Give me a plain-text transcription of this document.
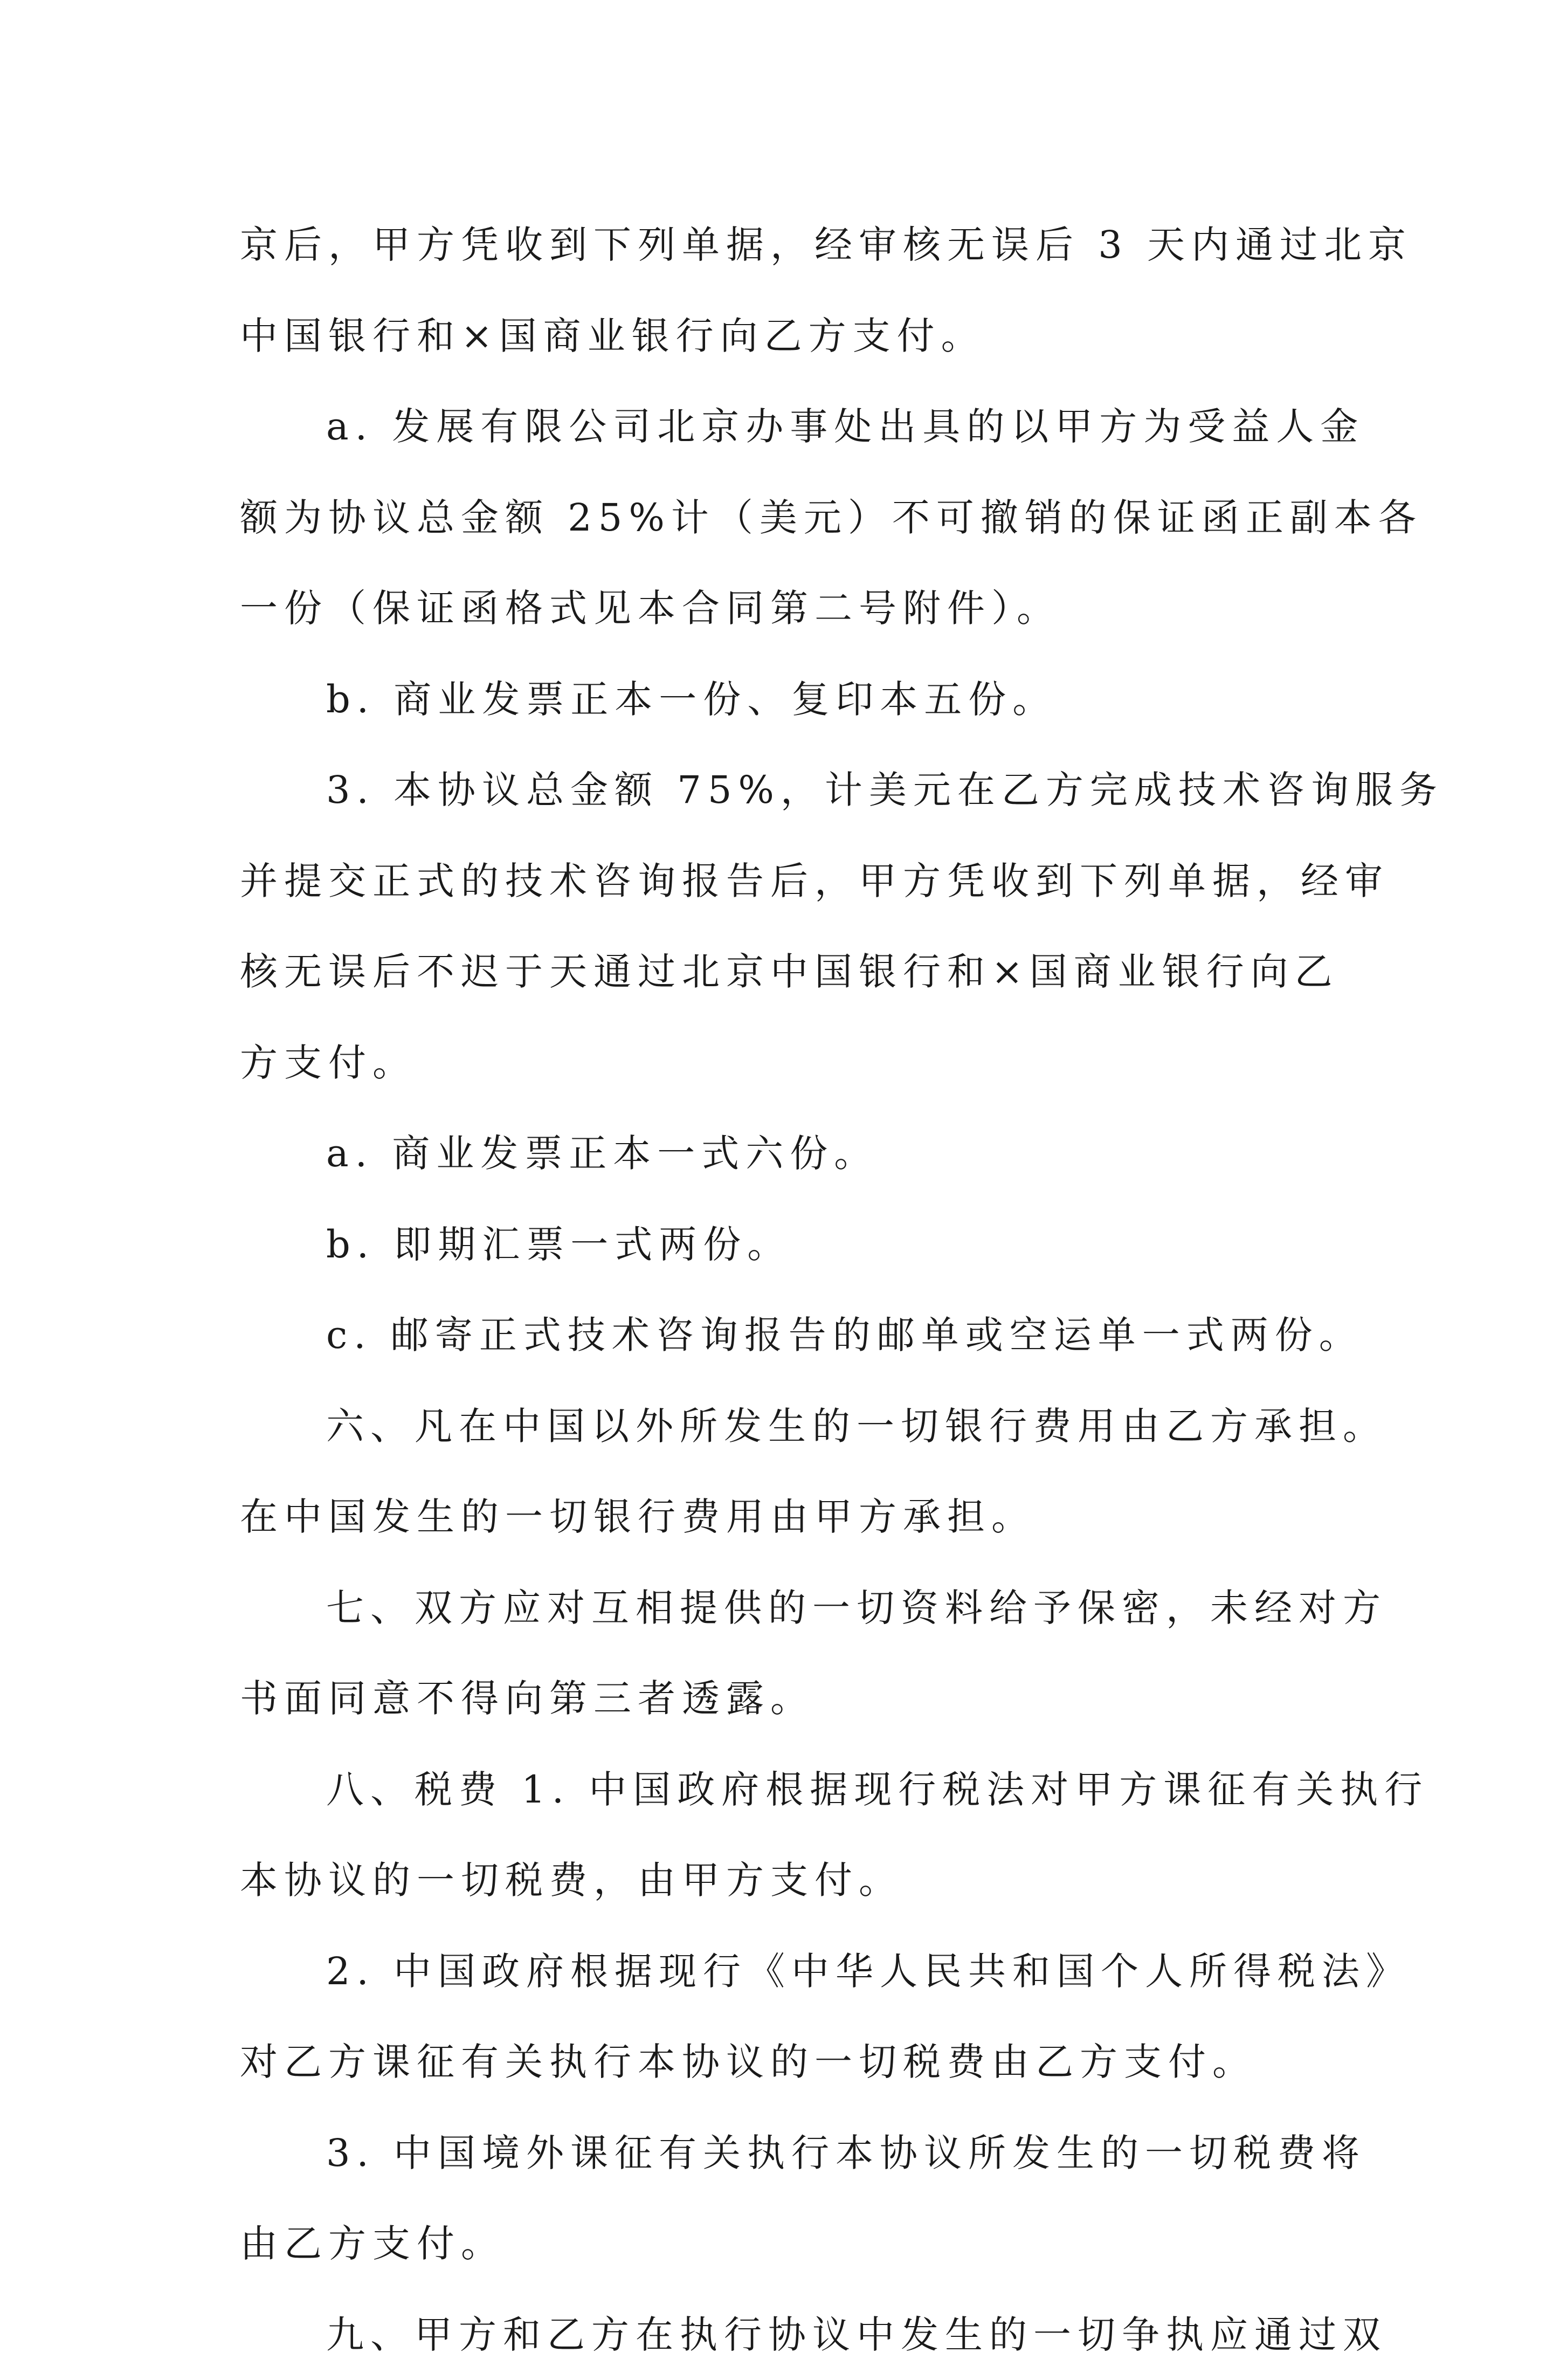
京后，甲方凭收到下列单据，经审核无误后 3 天内通过北京
中国银行和×国商业银行向乙方支付。
a. 发展有限公司北京办事处出具的以甲方为受益人金
额为协议总金额 25%计（美元）不可撤销的保证函正副本各
一份（保证函格式见本合同第二号附件）。
b. 商业发票正本一份、复印本五份。
3. 本协议总金额 75%，计美元在乙方完成技术咨询服务
并提交正式的技术咨询报告后，甲方凭收到下列单据，经审
核无误后不迟于天通过北京中国银行和×国商业银行向乙
方支付。
a. 商业发票正本一式六份。
b. 即期汇票一式两份。
c. 邮寄正式技术咨询报告的邮单或空运单一式两份。
六、凡在中国以外所发生的一切银行费用由乙方承担。
在中国发生的一切银行费用由甲方承担。
七、双方应对互相提供的一切资料给予保密，未经对方
书面同意不得向第三者透露。
八、税费 1. 中国政府根据现行税法对甲方课征有关执行
本协议的一切税费，由甲方支付。
2. 中国政府根据现行《中华人民共和国个人所得税法》
对乙方课征有关执行本协议的一切税费由乙方支付。
3. 中国境外课征有关执行本协议所发生的一切税费将
由乙方支付。
九、甲方和乙方在执行协议中发生的一切争执应通过双
